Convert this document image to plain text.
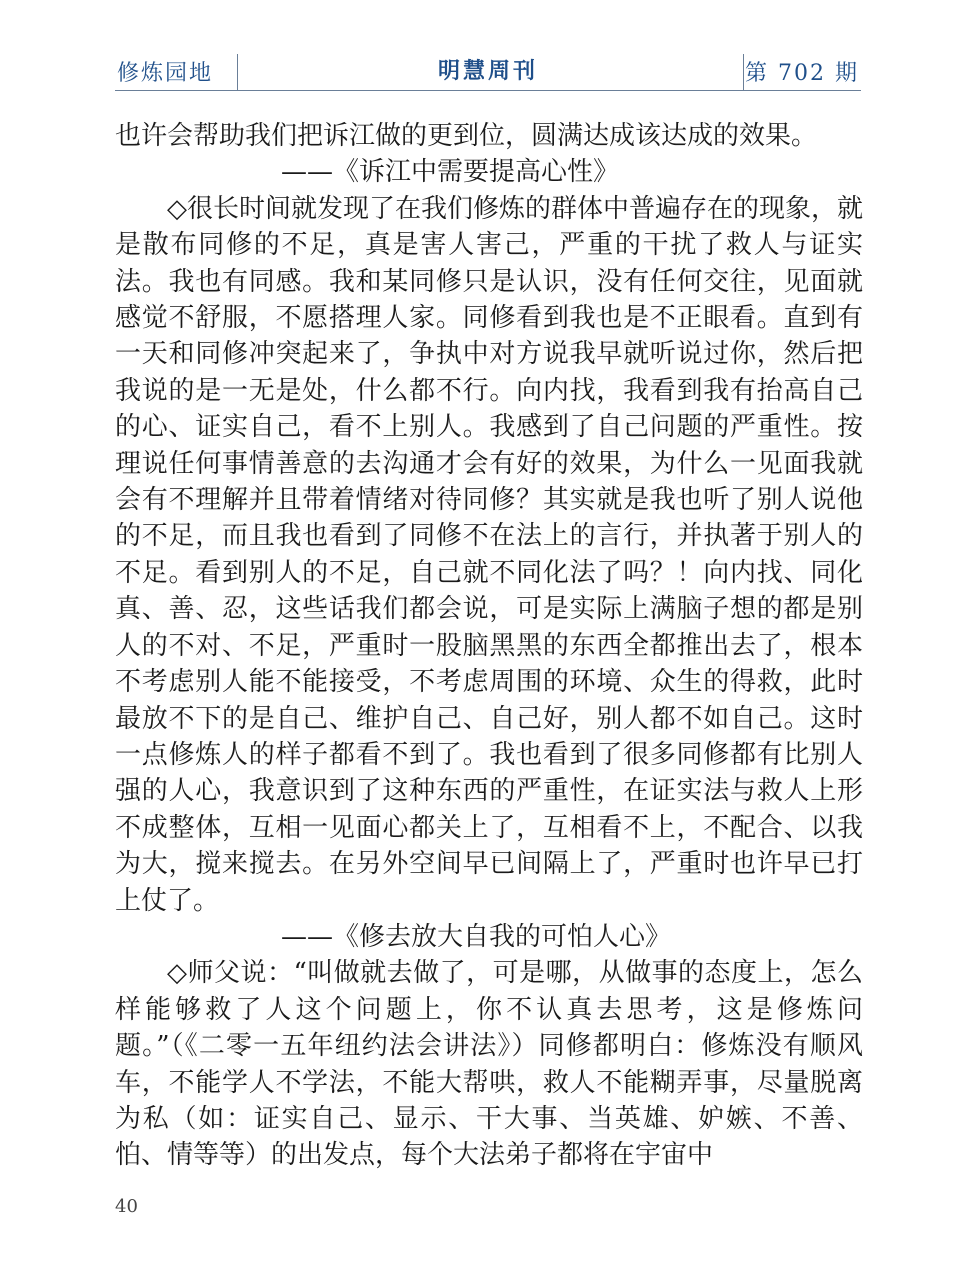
修炼园地	明慧周刊	第 702 期

也许会帮助我们把诉江做的更到位，圆满达成该达成的效果。

——《诉江中需要提高心性》

◇很长时间就发现了在我们修炼的群体中普遍存在的现象，就是散布同修的不足，真是害人害己，严重的干扰了救人与证实法。我也有同感。我和某同修只是认识，没有任何交往，见面就感觉不舒服，不愿搭理人家。同修看到我也是不正眼看。直到有一天和同修冲突起来了，争执中对方说我早就听说过你，然后把我说的是一无是处，什么都不行。向内找，我看到我有抬高自己的心、证实自己，看不上别人。我感到了自己问题的严重性。按理说任何事情善意的去沟通才会有好的效果，为什么一见面我就会有不理解并且带着情绪对待同修？其实就是我也听了别人说他的不足，而且我也看到了同修不在法上的言行，并执著于别人的不足。看到别人的不足，自己就不同化法了吗？！向内找、同化真、善、忍，这些话我们都会说，可是实际上满脑子想的都是别人的不对、不足，严重时一股脑黑黑的东西全都推出去了，根本不考虑别人能不能接受，不考虑周围的环境、众生的得救，此时最放不下的是自己、维护自己、自己好，别人都不如自己。这时一点修炼人的样子都看不到了。我也看到了很多同修都有比别人强的人心，我意识到了这种东西的严重性，在证实法与救人上形不成整体，互相一见面心都关上了，互相看不上，不配合、以我为大，搅来搅去。在另外空间早已间隔上了，严重时也许早已打上仗了。

——《修去放大自我的可怕人心》

◇师父说：“叫做就去做了，可是哪，从做事的态度上，怎么样能够救了人这个问题上，你不认真去思考，这是修炼问题。”（《二零一五年纽约法会讲法》）同修都明白：修炼没有顺风车，不能学人不学法，不能大帮哄，救人不能糊弄事，尽量脱离为私（如：证实自己、显示、干大事、当英雄、妒嫉、不善、怕、情等等）的出发点，每个大法弟子都将在宇宙中

40
